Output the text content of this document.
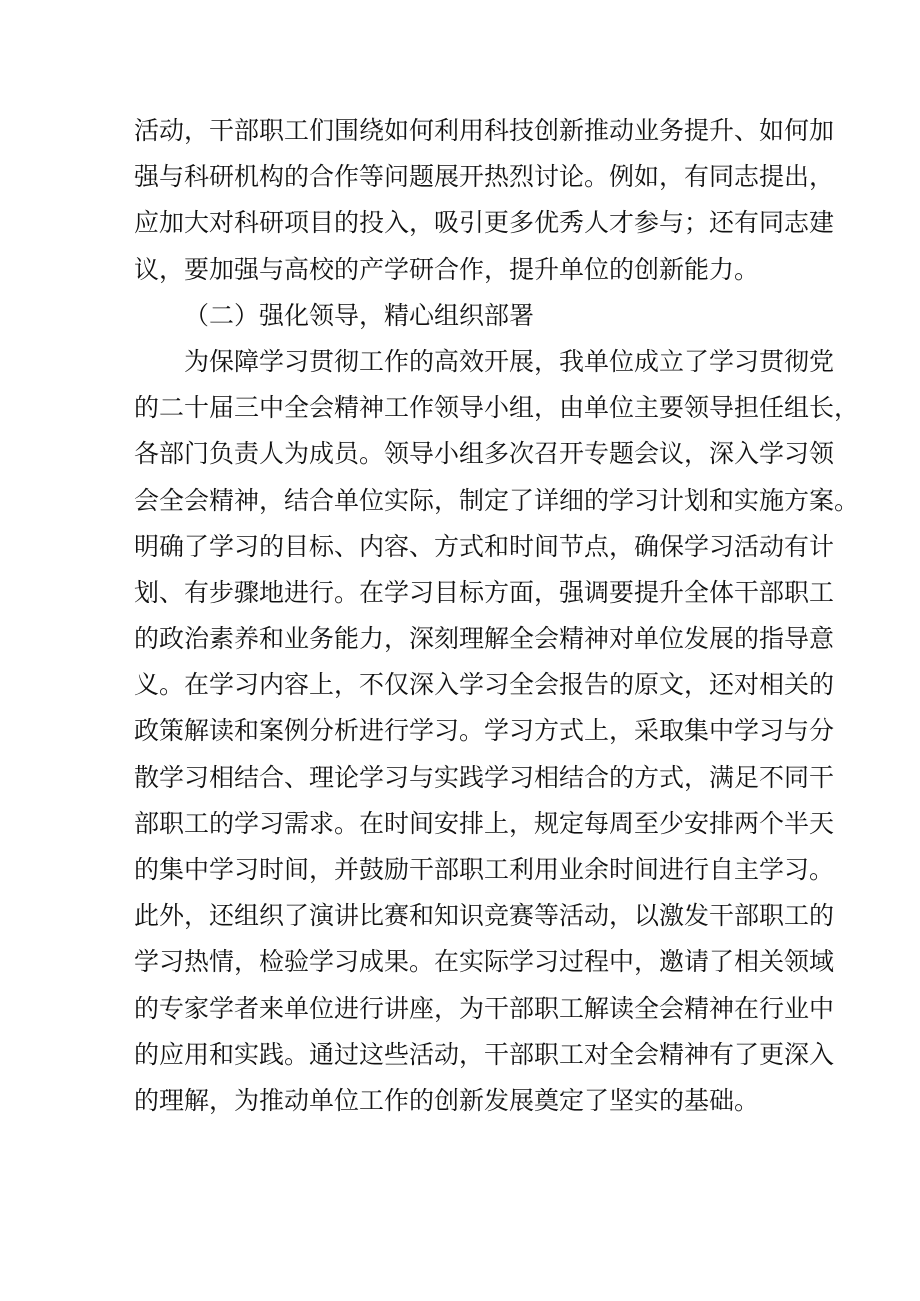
活动，干部职工们围绕如何利用科技创新推动业务提升、如何加
强与科研机构的合作等问题展开热烈讨论。例如，有同志提出，
应加大对科研项目的投入，吸引更多优秀人才参与；还有同志建
议，要加强与高校的产学研合作，提升单位的创新能力。
（二）强化领导，精心组织部署
为保障学习贯彻工作的高效开展，我单位成立了学习贯彻党
的二十届三中全会精神工作领导小组，由单位主要领导担任组长，
各部门负责人为成员。领导小组多次召开专题会议，深入学习领
会全会精神，结合单位实际，制定了详细的学习计划和实施方案。
明确了学习的目标、内容、方式和时间节点，确保学习活动有计
划、有步骤地进行。在学习目标方面，强调要提升全体干部职工
的政治素养和业务能力，深刻理解全会精神对单位发展的指导意
义。在学习内容上，不仅深入学习全会报告的原文，还对相关的
政策解读和案例分析进行学习。学习方式上，采取集中学习与分
散学习相结合、理论学习与实践学习相结合的方式，满足不同干
部职工的学习需求。在时间安排上，规定每周至少安排两个半天
的集中学习时间，并鼓励干部职工利用业余时间进行自主学习。
此外，还组织了演讲比赛和知识竞赛等活动，以激发干部职工的
学习热情，检验学习成果。在实际学习过程中，邀请了相关领域
的专家学者来单位进行讲座，为干部职工解读全会精神在行业中
的应用和实践。通过这些活动，干部职工对全会精神有了更深入
的理解，为推动单位工作的创新发展奠定了坚实的基础。
